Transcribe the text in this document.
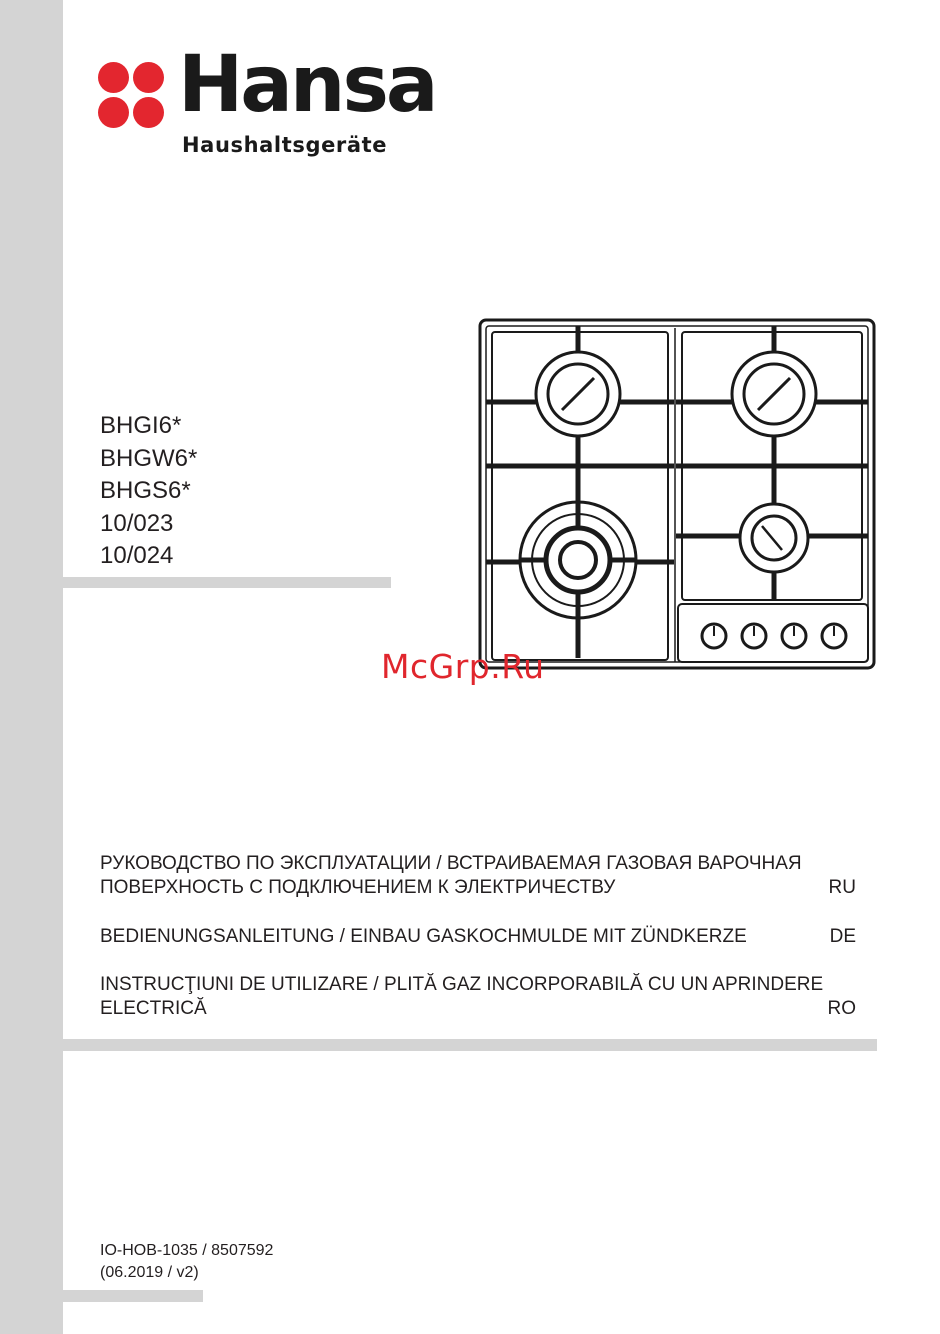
Hansa
Haushaltsgeräte
BHGI6*
BHGW6*
BHGS6*
10/023
10/024
McGrp.Ru
РУКОВОДСТВО ПО ЭКСПЛУАТАЦИИ / ВСТРАИВАЕМАЯ ГАЗОВАЯ ВАРОЧНАЯ
ПОВЕРХНОСТЬ С ПОДКЛЮЧЕНИЕМ К ЭЛЕКТРИЧЕСТВУ	RU
BEDIENUNGSANLEITUNG / EINBAU GASKOCHMULDE MIT ZÜNDKERZE	DE
INSTRUCŢIUNI DE UTILIZARE / PLITĂ GAZ INCORPORABILĂ CU UN APRINDERE
ELECTRICĂ	RO
IO-HOB-1035 / 8507592
(06.2019 / v2)
